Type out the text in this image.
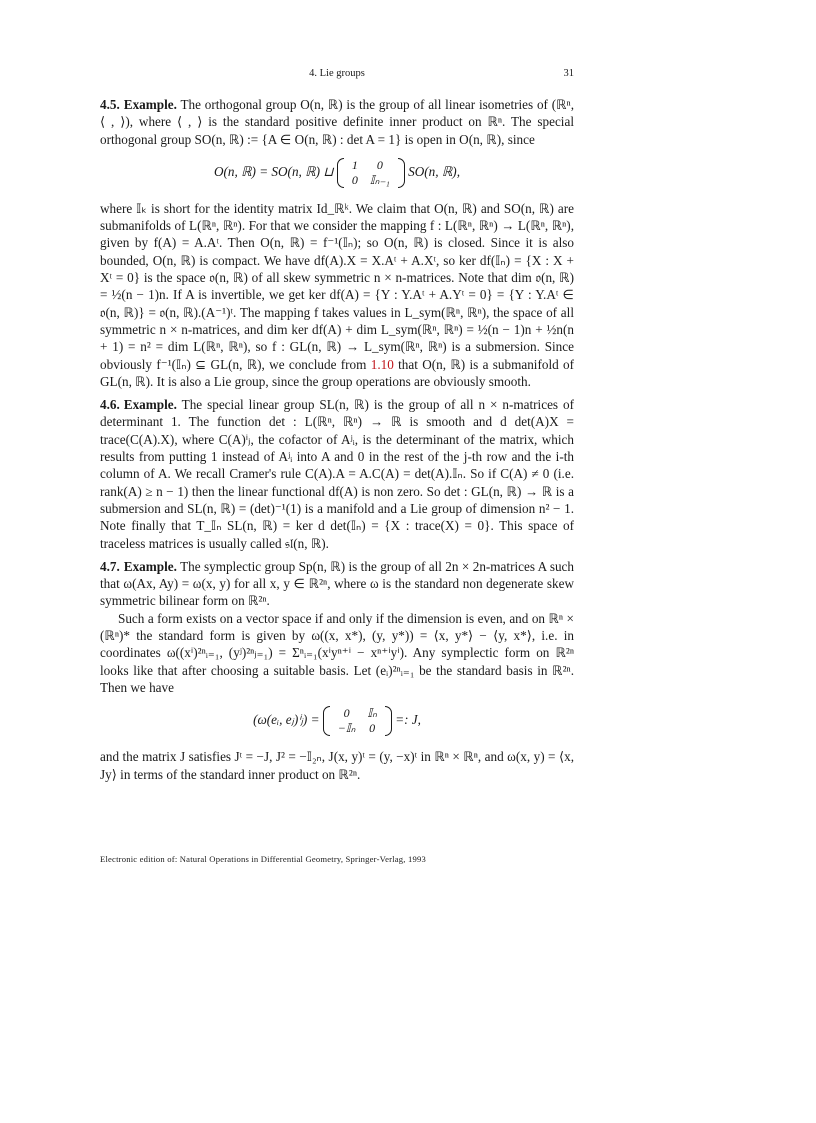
4. Lie groups	31

4.5. Example. The orthogonal group O(n, ℝ) is the group of all linear isometries of (ℝⁿ, ⟨ , ⟩), where ⟨ , ⟩ is the standard positive definite inner product on ℝⁿ. The special orthogonal group SO(n, ℝ) := {A ∈ O(n, ℝ) : det A = 1} is open in O(n, ℝ), since

O(n, ℝ) = SO(n, ℝ) ⊔ 1	0
0	𝕀ₙ₋₁
SO(n, ℝ),

where 𝕀ₖ is short for the identity matrix Id_ℝᵏ. We claim that O(n, ℝ) and SO(n, ℝ) are submanifolds of L(ℝⁿ, ℝⁿ). For that we consider the mapping f : L(ℝⁿ, ℝⁿ) → L(ℝⁿ, ℝⁿ), given by f(A) = A.Aᵗ. Then O(n, ℝ) = f⁻¹(𝕀ₙ); so O(n, ℝ) is closed. Since it is also bounded, O(n, ℝ) is compact. We have df(A).X = X.Aᵗ + A.Xᵗ, so ker df(𝕀ₙ) = {X : X + Xᵗ = 0} is the space 𝔬(n, ℝ) of all skew symmetric n × n-matrices. Note that dim 𝔬(n, ℝ) = ½(n − 1)n. If A is invertible, we get ker df(A) = {Y : Y.Aᵗ + A.Yᵗ = 0} = {Y : Y.Aᵗ ∈ 𝔬(n, ℝ)} = 𝔬(n, ℝ).(A⁻¹)ᵗ. The mapping f takes values in L_sym(ℝⁿ, ℝⁿ), the space of all symmetric n × n-matrices, and dim ker df(A) + dim L_sym(ℝⁿ, ℝⁿ) = ½(n − 1)n + ½n(n + 1) = n² = dim L(ℝⁿ, ℝⁿ), so f : GL(n, ℝ) → L_sym(ℝⁿ, ℝⁿ) is a submersion. Since obviously f⁻¹(𝕀ₙ) ⊆ GL(n, ℝ), we conclude from 1.10 that O(n, ℝ) is a submanifold of GL(n, ℝ). It is also a Lie group, since the group operations are obviously smooth.

4.6. Example. The special linear group SL(n, ℝ) is the group of all n × n-matrices of determinant 1. The function det : L(ℝⁿ, ℝⁿ) → ℝ is smooth and d det(A)X = trace(C(A).X), where C(A)ⁱⱼ, the cofactor of Aʲᵢ, is the determinant of the matrix, which results from putting 1 instead of Aʲᵢ into A and 0 in the rest of the j-th row and the i-th column of A. We recall Cramer's rule C(A).A = A.C(A) = det(A).𝕀ₙ. So if C(A) ≠ 0 (i.e. rank(A) ≥ n − 1) then the linear functional df(A) is non zero. So det : GL(n, ℝ) → ℝ is a submersion and SL(n, ℝ) = (det)⁻¹(1) is a manifold and a Lie group of dimension n² − 1. Note finally that T_𝕀ₙ SL(n, ℝ) = ker d det(𝕀ₙ) = {X : trace(X) = 0}. This space of traceless matrices is usually called 𝔰𝔩(n, ℝ).

4.7. Example. The symplectic group Sp(n, ℝ) is the group of all 2n × 2n-matrices A such that ω(Ax, Ay) = ω(x, y) for all x, y ∈ ℝ²ⁿ, where ω is the standard non degenerate skew symmetric bilinear form on ℝ²ⁿ.

Such a form exists on a vector space if and only if the dimension is even, and on ℝⁿ × (ℝⁿ)* the standard form is given by ω((x, x*), (y, y*)) = ⟨x, y*⟩ − ⟨y, x*⟩, i.e. in coordinates ω((xⁱ)²ⁿᵢ₌₁, (yʲ)²ⁿⱼ₌₁) = Σⁿᵢ₌₁(xⁱyⁿ⁺ⁱ − xⁿ⁺ⁱyⁱ). Any symplectic form on ℝ²ⁿ looks like that after choosing a suitable basis. Let (eᵢ)²ⁿᵢ₌₁ be the standard basis in ℝ²ⁿ. Then we have

(ω(eᵢ, eⱼ)ⁱⱼ) = 0	𝕀ₙ
−𝕀ₙ	0
=: J,

and the matrix J satisfies Jᵗ = −J, J² = −𝕀₂ₙ, J(x, y)ᵗ = (y, −x)ᵗ in ℝⁿ × ℝⁿ, and ω(x, y) = ⟨x, Jy⟩ in terms of the standard inner product on ℝ²ⁿ.

Electronic edition of: Natural Operations in Differential Geometry, Springer-Verlag, 1993
